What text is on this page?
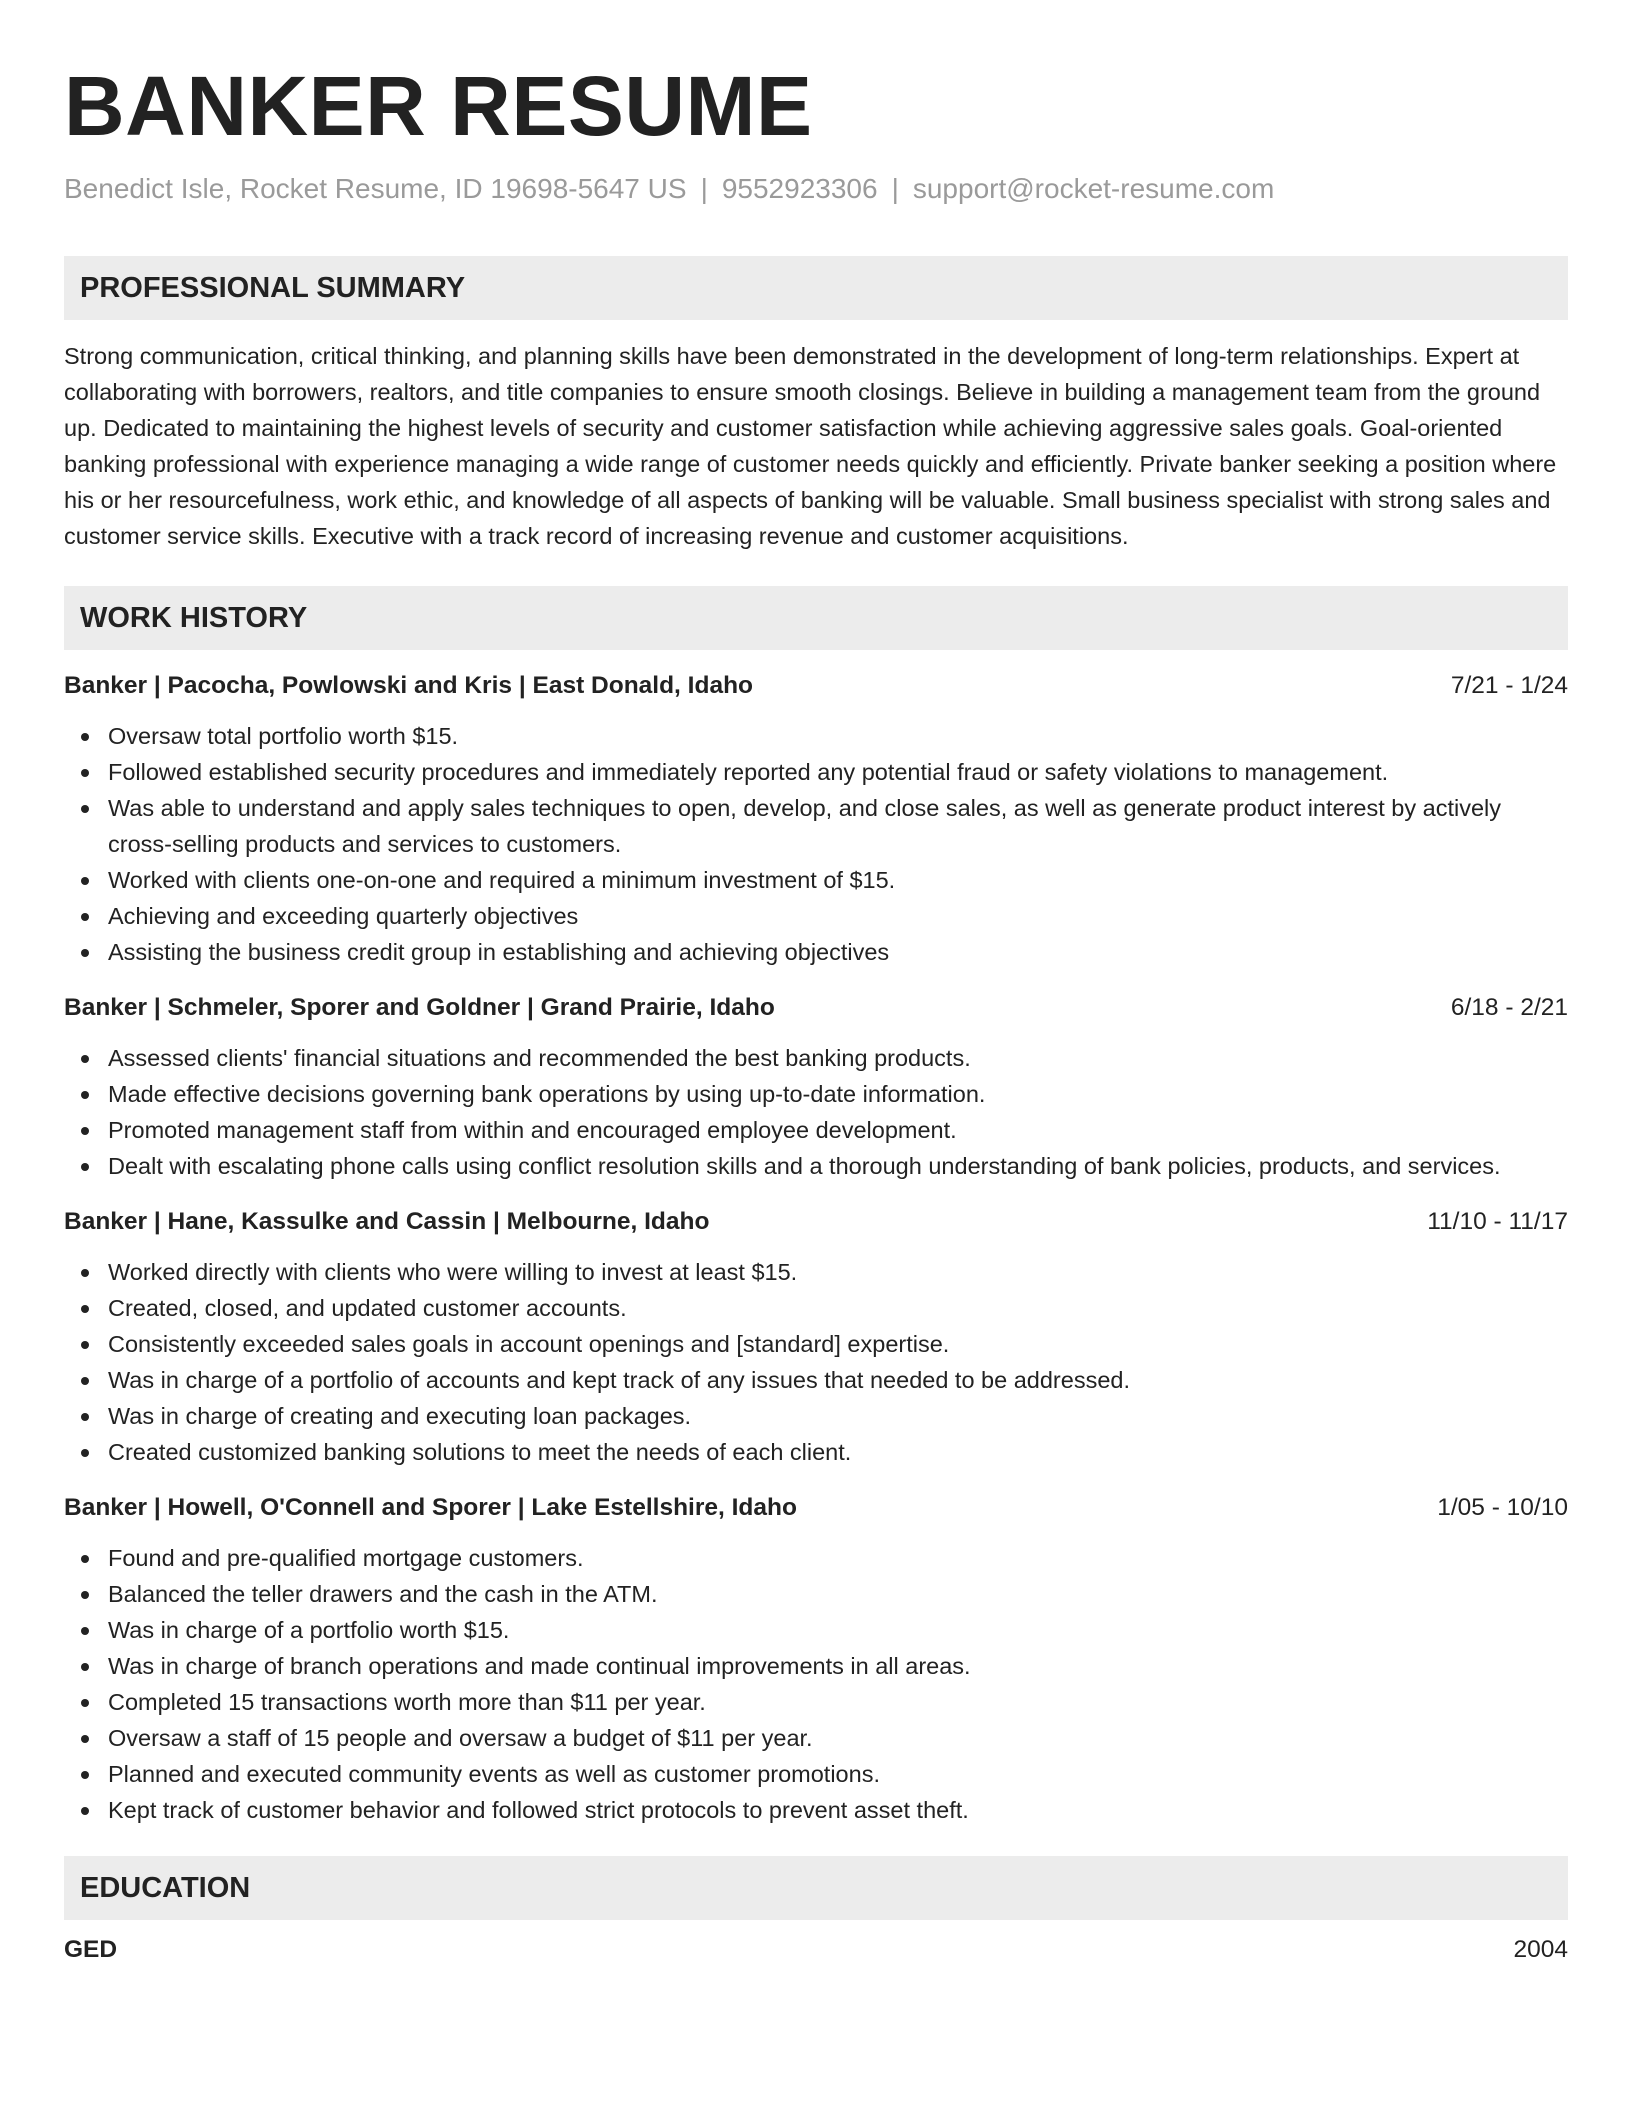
BANKER RESUME
Benedict Isle, Rocket Resume, ID 19698-5647 US | 9552923306 | support@rocket-resume.com
PROFESSIONAL SUMMARY

Strong communication, critical thinking, and planning skills have been demonstrated in the development of long-term relationships. Expert at collaborating with borrowers, realtors, and title companies to ensure smooth closings. Believe in building a management team from the ground up. Dedicated to maintaining the highest levels of security and customer satisfaction while achieving aggressive sales goals. Goal-oriented banking professional with experience managing a wide range of customer needs quickly and efficiently. Private banker seeking a position where his or her resourcefulness, work ethic, and knowledge of all aspects of banking will be valuable. Small business specialist with strong sales and customer service skills. Executive with a track record of increasing revenue and customer acquisitions.

WORK HISTORY
Banker | Pacocha, Powlowski and Kris | East Donald, Idaho	7/21 - 1/24
Oversaw total portfolio worth $15.
Followed established security procedures and immediately reported any potential fraud or safety violations to management.
Was able to understand and apply sales techniques to open, develop, and close sales, as well as generate product interest by actively cross-selling products and services to customers.
Worked with clients one-on-one and required a minimum investment of $15.
Achieving and exceeding quarterly objectives
Assisting the business credit group in establishing and achieving objectives
Banker | Schmeler, Sporer and Goldner | Grand Prairie, Idaho	6/18 - 2/21
Assessed clients' financial situations and recommended the best banking products.
Made effective decisions governing bank operations by using up-to-date information.
Promoted management staff from within and encouraged employee development.
Dealt with escalating phone calls using conflict resolution skills and a thorough understanding of bank policies, products, and services.
Banker | Hane, Kassulke and Cassin | Melbourne, Idaho	11/10 - 11/17
Worked directly with clients who were willing to invest at least $15.
Created, closed, and updated customer accounts.
Consistently exceeded sales goals in account openings and [standard] expertise.
Was in charge of a portfolio of accounts and kept track of any issues that needed to be addressed.
Was in charge of creating and executing loan packages.
Created customized banking solutions to meet the needs of each client.
Banker | Howell, O'Connell and Sporer | Lake Estellshire, Idaho	1/05 - 10/10
Found and pre-qualified mortgage customers.
Balanced the teller drawers and the cash in the ATM.
Was in charge of a portfolio worth $15.
Was in charge of branch operations and made continual improvements in all areas.
Completed 15 transactions worth more than $11 per year.
Oversaw a staff of 15 people and oversaw a budget of $11 per year.
Planned and executed community events as well as customer promotions.
Kept track of customer behavior and followed strict protocols to prevent asset theft.
EDUCATION
GED	2004
